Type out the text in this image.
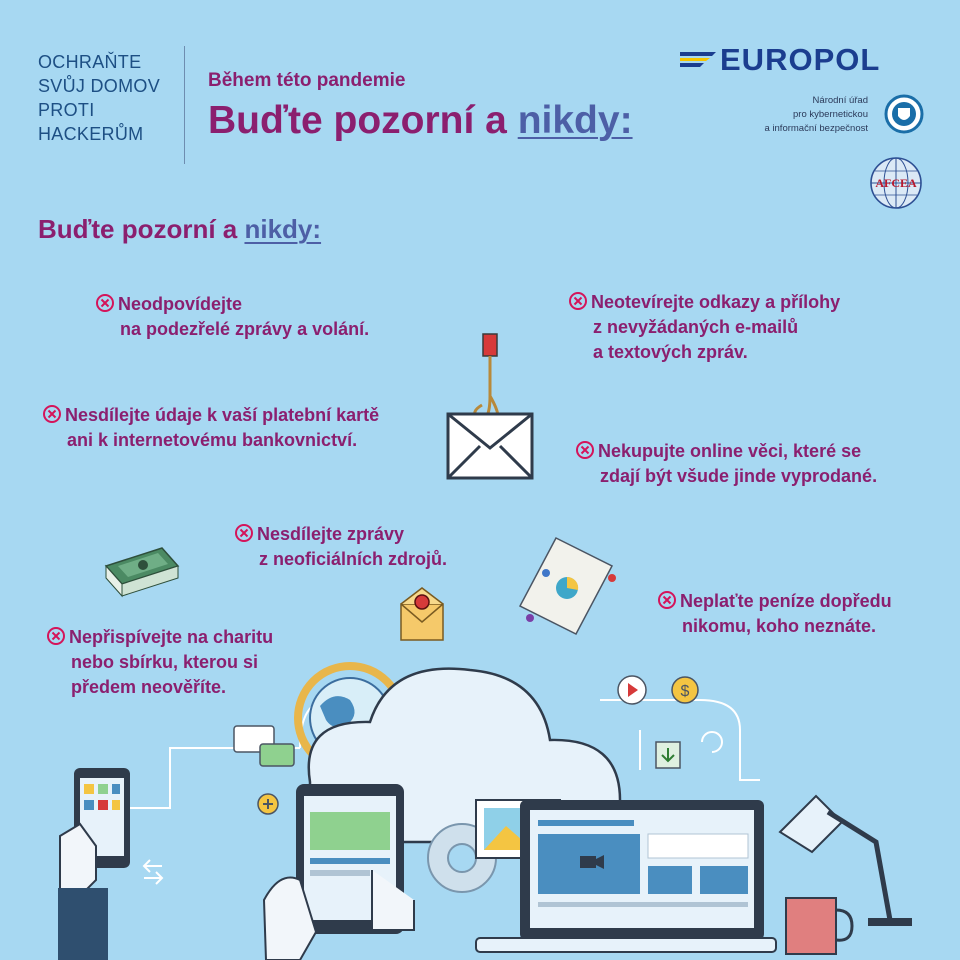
OCHRAŇTE
SVŮJ DOMOV
PROTI
HACKERŮM
Během této pandemie
Buďte pozorní a nikdy:
EUROPOL
Národní úřad
pro kybernetickou
a informační bezpečnost
AFCEA
Buďte pozorní a nikdy:
Neodpovídejte
na podezřelé zprávy a volání.
Neotevírejte odkazy a přílohy
z nevyžádaných e-mailů
a textových zpráv.
Nesdílejte údaje k vaší platební kartě
ani k internetovému bankovnictví.
Nekupujte online věci, které se
zdají být všude jinde vyprodané.
Nesdílejte zprávy
z neoficiálních zdrojů.
Neplaťte peníze dopředu
nikomu, koho neznáte.
Nepřispívejte na charitu
nebo sbírku, kterou si
předem neověříte.	$
